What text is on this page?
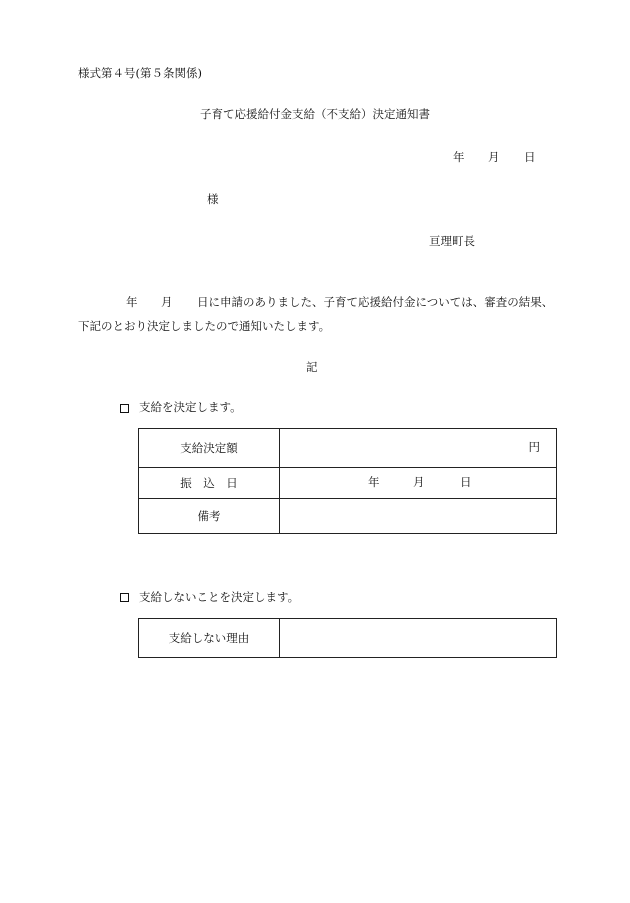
様式第４号(第５条関係)
子育て応援給付金支給（不支給）決定通知書
年 月 日
様
亘理町長
年 月 日に申請のありました、子育て応援給付金については、審査の結果、
下記のとおり決定しましたので通知いたします。
記
支給を決定します。
支給決定額	円

振　込　日	年 月 日

備考	
支給しないことを決定します。
支給しない理由	
